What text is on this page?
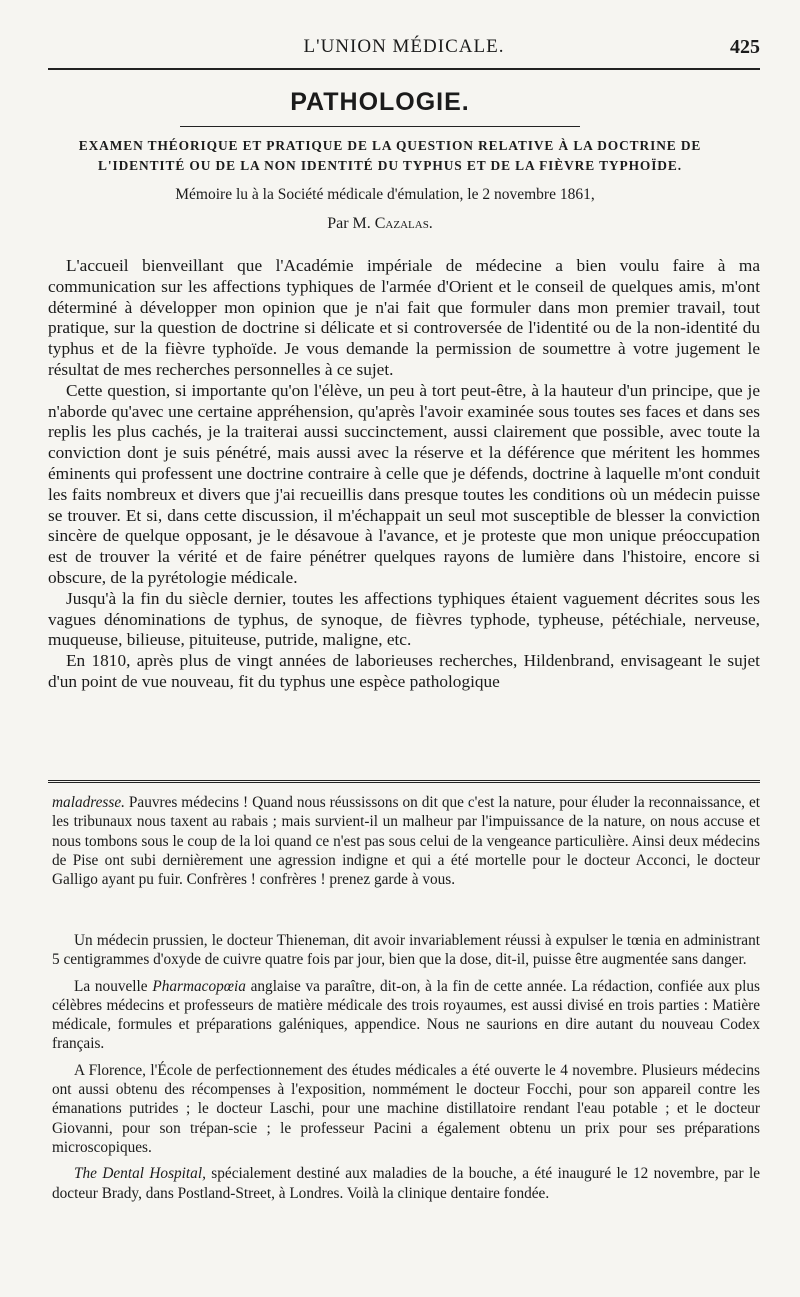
L'UNION MÉDICALE.	425
PATHOLOGIE.
EXAMEN THÉORIQUE ET PRATIQUE DE LA QUESTION RELATIVE À LA DOCTRINE DE L'IDENTITÉ OU DE LA NON IDENTITÉ DU TYPHUS ET DE LA FIÈVRE TYPHOÏDE.
Mémoire lu à la Société médicale d'émulation, le 2 novembre 1861,
Par M. Cazalas.

L'accueil bienveillant que l'Académie impériale de médecine a bien voulu faire à ma communication sur les affections typhiques de l'armée d'Orient et le conseil de quelques amis, m'ont déterminé à développer mon opinion que je n'ai fait que formuler dans mon premier travail, tout pratique, sur la question de doctrine si délicate et si controversée de l'identité ou de la non-identité du typhus et de la fièvre typhoïde. Je vous demande la permission de soumettre à votre jugement le résultat de mes recherches personnelles à ce sujet.

Cette question, si importante qu'on l'élève, un peu à tort peut-être, à la hauteur d'un principe, que je n'aborde qu'avec une certaine appréhension, qu'après l'avoir examinée sous toutes ses faces et dans ses replis les plus cachés, je la traiterai aussi succinctement, aussi clairement que possible, avec toute la conviction dont je suis pénétré, mais aussi avec la réserve et la déférence que méritent les hommes éminents qui professent une doctrine contraire à celle que je défends, doctrine à laquelle m'ont conduit les faits nombreux et divers que j'ai recueillis dans presque toutes les conditions où un médecin puisse se trouver. Et si, dans cette discussion, il m'échappait un seul mot susceptible de blesser la conviction sincère de quelque opposant, je le désavoue à l'avance, et je proteste que mon unique préoccupation est de trouver la vérité et de faire pénétrer quelques rayons de lumière dans l'histoire, encore si obscure, de la pyrétologie médicale.

Jusqu'à la fin du siècle dernier, toutes les affections typhiques étaient vaguement décrites sous les vagues dénominations de typhus, de synoque, de fièvres typhode, typheuse, pétéchiale, nerveuse, muqueuse, bilieuse, pituiteuse, putride, maligne, etc.

En 1810, après plus de vingt années de laborieuses recherches, Hildenbrand, envisageant le sujet d'un point de vue nouveau, fit du typhus une espèce pathologique

maladresse. Pauvres médecins ! Quand nous réussissons on dit que c'est la nature, pour éluder la reconnaissance, et les tribunaux nous taxent au rabais ; mais survient-il un malheur par l'impuissance de la nature, on nous accuse et nous tombons sous le coup de la loi quand ce n'est pas sous celui de la vengeance particulière. Ainsi deux médecins de Pise ont subi dernièrement une agression indigne et qui a été mortelle pour le docteur Acconci, le docteur Galligo ayant pu fuir. Confrères ! confrères ! prenez garde à vous.

Un médecin prussien, le docteur Thieneman, dit avoir invariablement réussi à expulser le tœnia en administrant 5 centigrammes d'oxyde de cuivre quatre fois par jour, bien que la dose, dit-il, puisse être augmentée sans danger.

La nouvelle Pharmacopœia anglaise va paraître, dit-on, à la fin de cette année. La rédaction, confiée aux plus célèbres médecins et professeurs de matière médicale des trois royaumes, est aussi divisé en trois parties : Matière médicale, formules et préparations galéniques, appendice. Nous ne saurions en dire autant du nouveau Codex français.

A Florence, l'École de perfectionnement des études médicales a été ouverte le 4 novembre. Plusieurs médecins ont aussi obtenu des récompenses à l'exposition, nommément le docteur Focchi, pour son appareil contre les émanations putrides ; le docteur Laschi, pour une machine distillatoire rendant l'eau potable ; et le docteur Giovanni, pour son trépan-scie ; le professeur Pacini a également obtenu un prix pour ses préparations microscopiques.

The Dental Hospital, spécialement destiné aux maladies de la bouche, a été inauguré le 12 novembre, par le docteur Brady, dans Postland-Street, à Londres. Voilà la clinique dentaire fondée.
